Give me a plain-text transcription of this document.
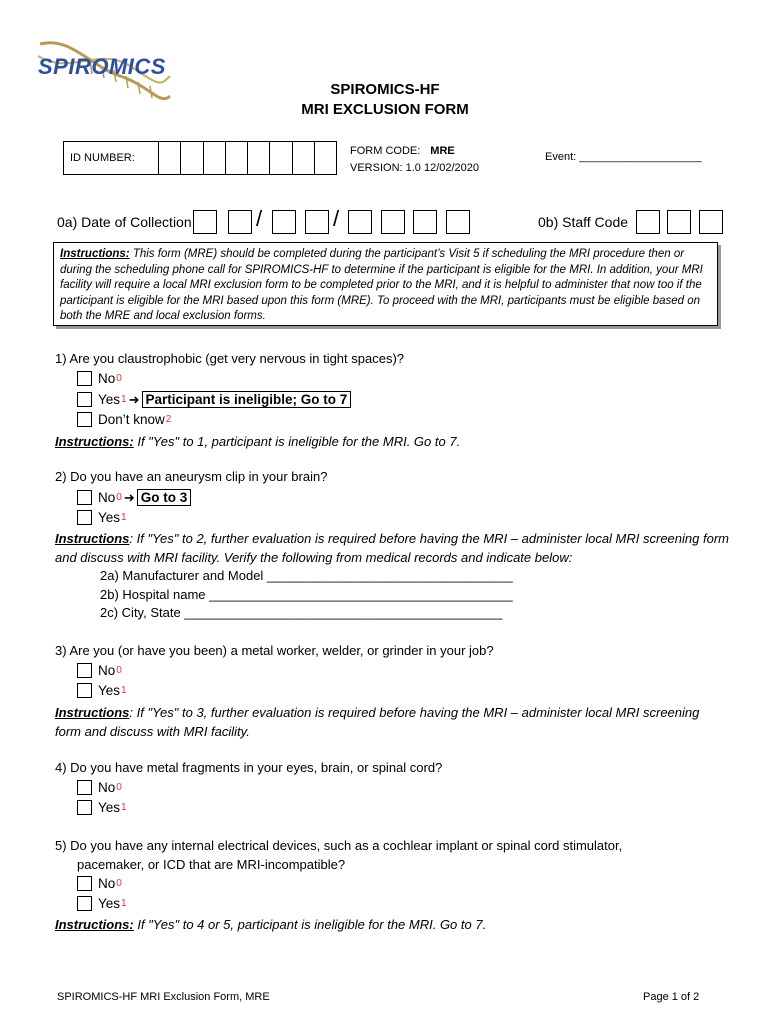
SPIROMICS
SPIROMICS-HF
MRI EXCLUSION FORM
ID NUMBER:
FORM CODE: MRE
VERSION: 1.0 12/02/2020
Event: ____________________
0a) Date of Collection	/	/	0b) Staff Code
Instructions: This form (MRE) should be completed during the participant’s Visit 5 if scheduling the MRI procedure then or during the scheduling phone call for SPIROMICS-HF to determine if the participant is eligible for the MRI. In addition, your MRI facility will require a local MRI exclusion form to be completed prior to the MRI, and it is helpful to administer that now too if the participant is eligible for the MRI based upon this form (MRE). To proceed with the MRI, participants must be eligible based on both the MRE and local exclusion forms.
1) Are you claustrophobic (get very nervous in tight spaces)?
No 0
Yes 1 ➜ Participant is ineligible; Go to 7
Don’t know 2
Instructions: If "Yes" to 1, participant is ineligible for the MRI. Go to 7.
2) Do you have an aneurysm clip in your brain?
No 0 ➜ Go to 3
Yes 1
Instructions: If "Yes" to 2, further evaluation is required before having the MRI – administer local MRI screening form and discuss with MRI facility. Verify the following from medical records and indicate below:
2a) Manufacturer and Model __________________________________
2b) Hospital name __________________________________________
2c) City, State ____________________________________________
3) Are you (or have you been) a metal worker, welder, or grinder in your job?
No 0
Yes 1
Instructions: If "Yes" to 3, further evaluation is required before having the MRI – administer local MRI screening form and discuss with MRI facility.
4) Do you have metal fragments in your eyes, brain, or spinal cord?
No 0
Yes 1
5) Do you have any internal electrical devices, such as a cochlear implant or spinal cord stimulator,
pacemaker, or ICD that are MRI-incompatible?
No 0
Yes 1
Instructions: If "Yes" to 4 or 5, participant is ineligible for the MRI. Go to 7.
SPIROMICS-HF MRI Exclusion Form, MRE	Page 1 of 2
